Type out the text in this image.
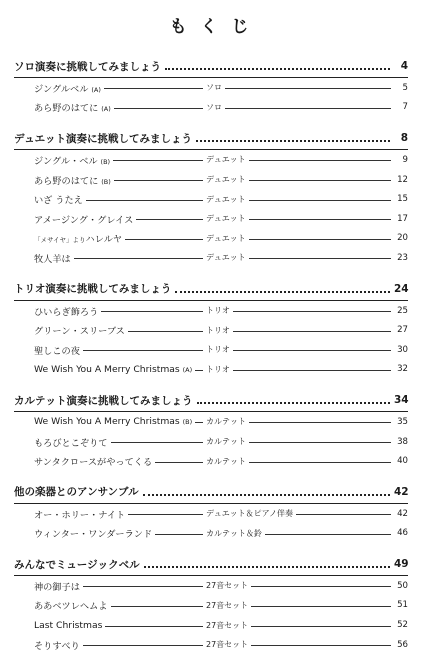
も く じ
ソロ演奏に挑戦してみましょう	4
ジングルベル (A)	ソロ	5
あら野のはてに (A)	ソロ	7
デュエット演奏に挑戦してみましょう	8
ジングル・ベル (B)	デュエット	9
あら野のはてに (B)	デュエット	12
いざ うたえ	デュエット	15
アメージング・グレイス	デュエット	17
「メサイヤ」よりハレルヤ	デュエット	20
牧人羊は	デュエット	23
トリオ演奏に挑戦してみましょう	24
ひいらぎ飾ろう	トリオ	25
グリーン・スリーブス	トリオ	27
聖しこの夜	トリオ	30
We Wish You A Merry Christmas (A) トリオ	32
カルテット演奏に挑戦してみましょう	34
We Wish You A Merry Christmas (B) カルテット	35
もろびとこぞりて	カルテット	38
サンタクロースがやってくる	カルテット	40
他の楽器とのアンサンブル	42
オー・ホリー・ナイト	デュエット＆ピアノ伴奏	42
ウィンター・ワンダーランド	カルテット＆鈴	46
みんなでミュージックベル	49
神の御子は	27音セット	50
ああベツレヘムよ	27音セット	51
Last Christmas	27音セット	52
そりすべり	27音セット	56
